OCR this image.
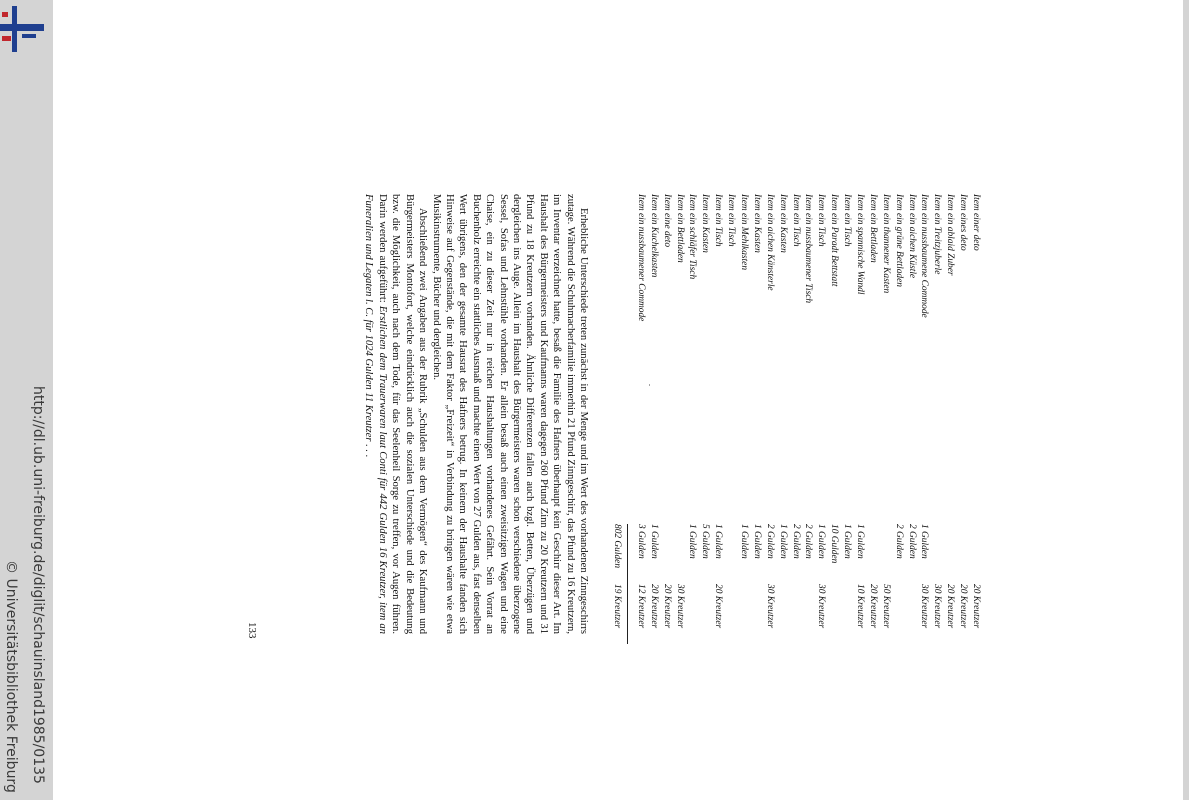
http://dl.ub.uni-freiburg.de/diglit/schauinsland1985/0135
© Universitätsbibliothek Freiburg
Item einer deto
20 Kreutzer
Item eines deto
20 Kreutzer
Item ein ablaid Zuber
20 Kreutzer
Item ein Treitzjuberle
30 Kreutzer
Item ein nussbaumene Commode
1 Gulden
30 Kreutzer
Item ein aichen Küstle
2 Gulden
Item ein grüne Bettladen
2 Gulden
Item ein thannener Kasten
50 Kreutzer
Item ein Bettladen
20 Kreutzer
Item ein spannische Wandl
1 Gulden
10 Kreutzer
Item ein Tisch
1 Gulden
Item ein Paradt Bettstatt
10 Gulden
Item ein Tisch
1 Gulden
30 Kreutzer
Item ein nussbaumener Tisch
2 Gulden
Item ein Tisch
2 Gulden
Item ein Kasten
1 Gulden
Item ein aichen Känsterle
2 Gulden
30 Kreutzer
Item ein Kasten
1 Gulden
Item ein Mehlkasten
1 Gulden
Item ein Tisch
Item ein Tisch
1 Gulden
20 Kreutzer
Item ein Kasten
5 Gulden
Item ein schläfer Tisch
1 Gulden
Item ein Bettladen
30 Kreutzer
Item eine deto
20 Kreutzer
Item ein Kuchelkasten
1 Gulden
20 Kreutzer
Item ein nussbaumener Commode
3 Gulden
12 Kreutzer
802 Gulden
19 Kreutzer
.

Erhebliche Unterschiede treten zunächst in der Menge und im Wert des vorhandenen Zinngeschirrs zutage. Während die Schuhmacherfamilie immerhin 21 Pfund Zinngeschirr, das Pfund zu 16 Kreutzern, im Inventar verzeichnet hatte, besaß die Familie des Hafners überhaupt kein Geschirr dieser Art. Im Haushalt des Bürgermeisters und Kaufmanns waren dagegen 260 Pfund Zinn zu 20 Kreutzern und 31 Pfund zu 18 Kreutzern vorhanden. Ähnliche Differenzen fallen auch bzgl. Betten, Überzügen und dergleichen ins Auge. Allein im Haushalt des Bürgermeisters waren schon verschiedene überzogene Sessel, Sofas und Lehnstühle vorhanden. Er allein besaß auch einen zweisitzigen Wagen und eine Chaise, ein zu dieser Zeit nur in reichen Haushaltungen vorhandenes Gefährt. Sein Vorrat an Buchenholz erreichte ein stattliches Ausmaß und machte einen Wert von 27 Gulden aus, fast denselben Wert übrigens, den der gesamte Hausrat des Hafners betrug. In keinem der Haushalte fanden sich Hinweise auf Gegenstände, die mit dem Faktor „Freizeit“ in Verbindung zu bringen wären wie etwa Musikinstrumente, Bücher und dergleichen.

Abschließend zwei Angaben aus der Rubrik „Schulden aus dem Vermögen“ des Kaufmann und Bürgermeisters Montofort, welche eindrücklich auch die sozialen Unterschiede und die Bedeutung bzw. die Möglichkeit, auch nach dem Tode, für das Seelenheil Sorge zu treffen, vor Augen führen. Darin werden aufgeführt: Erstlichen dem Trauerwaren laut Conti für 442 Gulden 16 Kreutzer, item an Funeralien und Legaten l. C. für 1024 Gulden 11 Kreutzer . . .

133
